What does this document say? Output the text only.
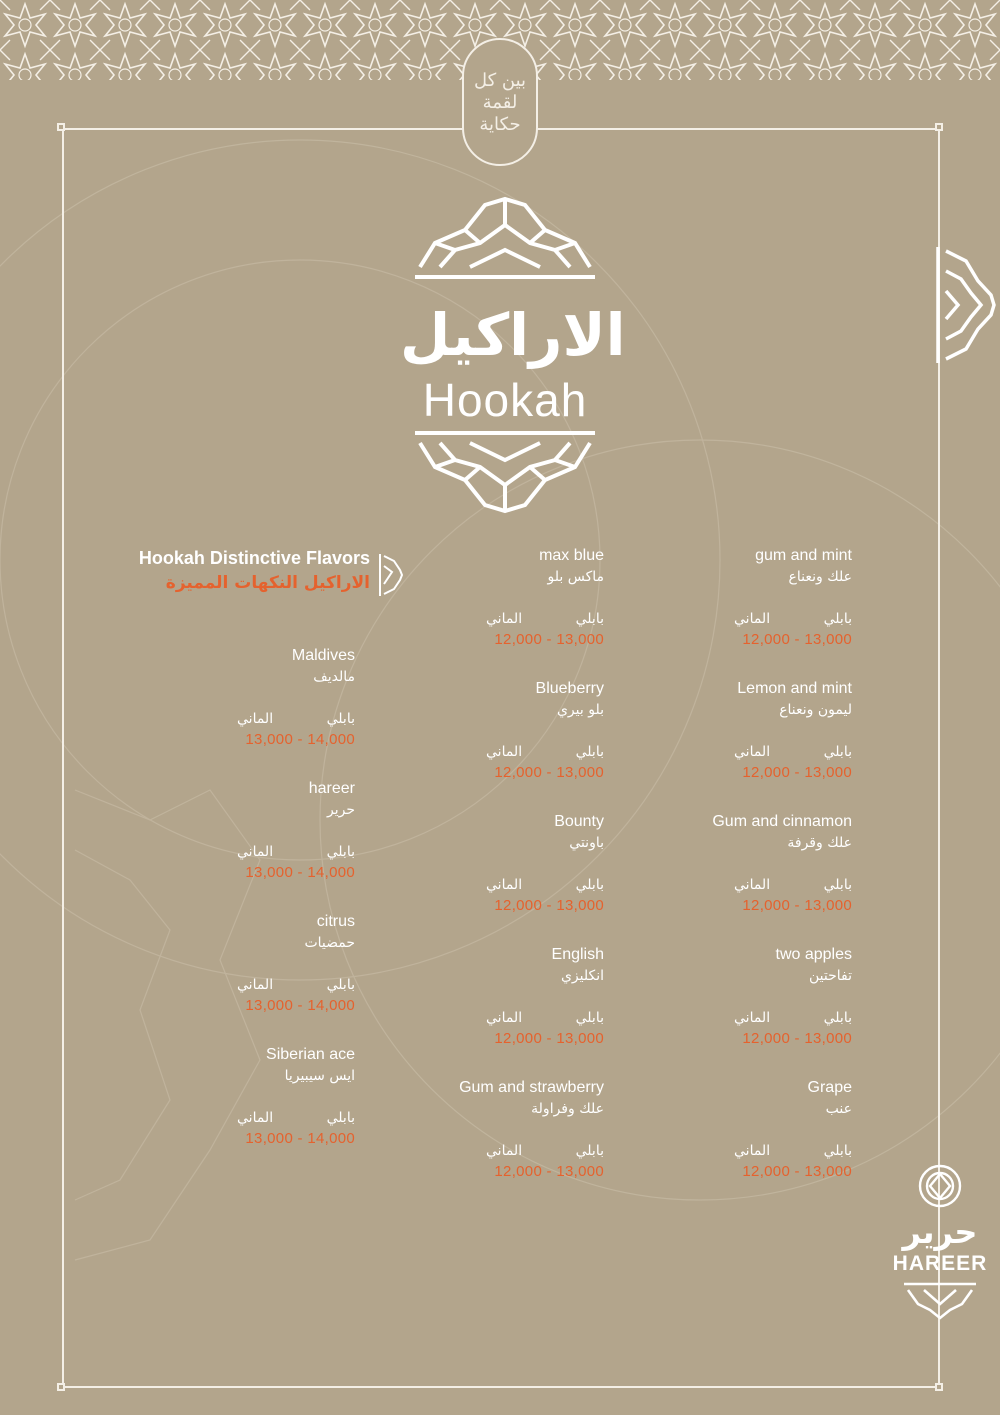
بين كل لقمة حكاية
الاراكيل
Hookah
Hookah Distinctive Flavors
الاراكيل النكهات المميزة
gum and mint
علك ونعناع
الماني	بابلي
12,000 - 13,000
Lemon and mint
ليمون ونعناع
الماني	بابلي
12,000 - 13,000
Gum and cinnamon
علك وقرفة
الماني	بابلي
12,000 - 13,000
two apples
تفاحتين
الماني	بابلي
12,000 - 13,000
Grape
عنب
الماني	بابلي
12,000 - 13,000
max blue
ماكس بلو
الماني	بابلي
12,000 - 13,000
Blueberry
بلو بيري
الماني	بابلي
12,000 - 13,000
Bounty
باونتي
الماني	بابلي
12,000 - 13,000
English
انكليزي
الماني	بابلي
12,000 - 13,000
Gum and strawberry
علك وفراولة
الماني	بابلي
12,000 - 13,000
Maldives
مالديف
الماني	بابلي
13,000 - 14,000
hareer
حرير
الماني	بابلي
13,000 - 14,000
citrus
حمضيات
الماني	بابلي
13,000 - 14,000
Siberian ace
ايس سيبيريا
الماني	بابلي
13,000 - 14,000
حرير
HAREER
